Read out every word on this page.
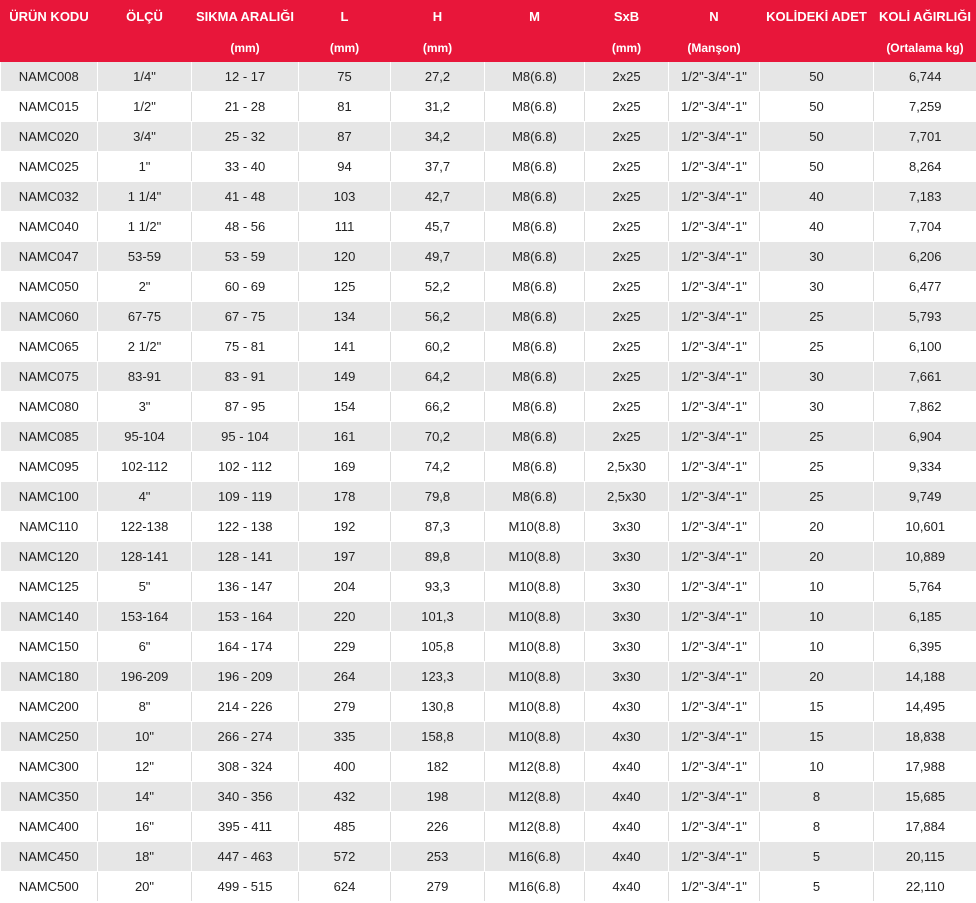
ÜRÜN KODU	ÖLÇÜ	SIKMA ARALIĞI	L	H	M	SxB	N	KOLİDEKİ ADET	KOLİ AĞIRLIĞI
		(mm)	(mm)	(mm)		(mm)	(Manşon)		(Ortalama kg)
NAMC008	1/4"	12 - 17	75	27,2	M8(6.8)	2x25	1/2"-3/4"-1"	50	6,744
NAMC015	1/2"	21 - 28	81	31,2	M8(6.8)	2x25	1/2"-3/4"-1"	50	7,259
NAMC020	3/4"	25 - 32	87	34,2	M8(6.8)	2x25	1/2"-3/4"-1"	50	7,701
NAMC025	1"	33 - 40	94	37,7	M8(6.8)	2x25	1/2"-3/4"-1"	50	8,264
NAMC032	1 1/4"	41 - 48	103	42,7	M8(6.8)	2x25	1/2"-3/4"-1"	40	7,183
NAMC040	1 1/2"	48 - 56	111	45,7	M8(6.8)	2x25	1/2"-3/4"-1"	40	7,704
NAMC047	53-59	53 - 59	120	49,7	M8(6.8)	2x25	1/2"-3/4"-1"	30	6,206
NAMC050	2"	60 - 69	125	52,2	M8(6.8)	2x25	1/2"-3/4"-1"	30	6,477
NAMC060	67-75	67 - 75	134	56,2	M8(6.8)	2x25	1/2"-3/4"-1"	25	5,793
NAMC065	2 1/2"	75 - 81	141	60,2	M8(6.8)	2x25	1/2"-3/4"-1"	25	6,100
NAMC075	83-91	83 - 91	149	64,2	M8(6.8)	2x25	1/2"-3/4"-1"	30	7,661
NAMC080	3"	87 - 95	154	66,2	M8(6.8)	2x25	1/2"-3/4"-1"	30	7,862
NAMC085	95-104	95 - 104	161	70,2	M8(6.8)	2x25	1/2"-3/4"-1"	25	6,904
NAMC095	102-112	102 - 112	169	74,2	M8(6.8)	2,5x30	1/2"-3/4"-1"	25	9,334
NAMC100	4"	109 - 119	178	79,8	M8(6.8)	2,5x30	1/2"-3/4"-1"	25	9,749
NAMC110	122-138	122 - 138	192	87,3	M10(8.8)	3x30	1/2"-3/4"-1"	20	10,601
NAMC120	128-141	128 - 141	197	89,8	M10(8.8)	3x30	1/2"-3/4"-1"	20	10,889
NAMC125	5"	136 - 147	204	93,3	M10(8.8)	3x30	1/2"-3/4"-1"	10	5,764
NAMC140	153-164	153 - 164	220	101,3	M10(8.8)	3x30	1/2"-3/4"-1"	10	6,185
NAMC150	6"	164 - 174	229	105,8	M10(8.8)	3x30	1/2"-3/4"-1"	10	6,395
NAMC180	196-209	196 - 209	264	123,3	M10(8.8)	3x30	1/2"-3/4"-1"	20	14,188
NAMC200	8"	214 - 226	279	130,8	M10(8.8)	4x30	1/2"-3/4"-1"	15	14,495
NAMC250	10"	266 - 274	335	158,8	M10(8.8)	4x30	1/2"-3/4"-1"	15	18,838
NAMC300	12"	308 - 324	400	182	M12(8.8)	4x40	1/2"-3/4"-1"	10	17,988
NAMC350	14"	340 - 356	432	198	M12(8.8)	4x40	1/2"-3/4"-1"	8	15,685
NAMC400	16"	395 - 411	485	226	M12(8.8)	4x40	1/2"-3/4"-1"	8	17,884
NAMC450	18"	447 - 463	572	253	M16(6.8)	4x40	1/2"-3/4"-1"	5	20,115
NAMC500	20"	499 - 515	624	279	M16(6.8)	4x40	1/2"-3/4"-1"	5	22,110
